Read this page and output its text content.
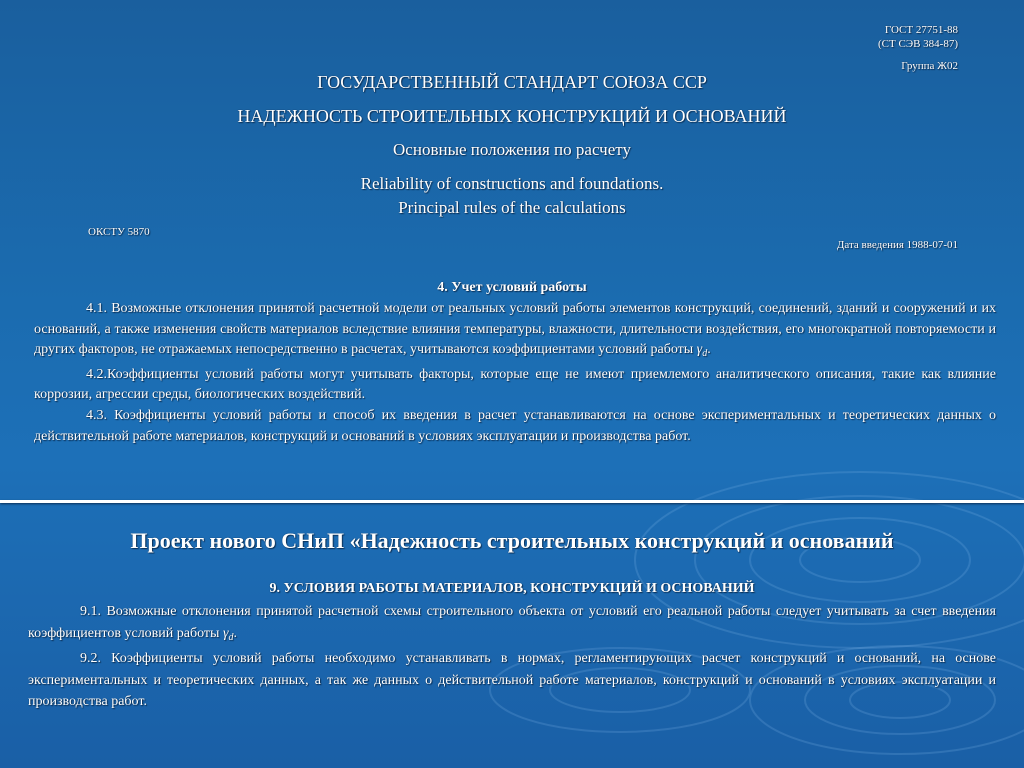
ГОСТ 27751-88
(СТ СЭВ 384-87)
Группа Ж02
ГОСУДАРСТВЕННЫЙ СТАНДАРТ СОЮЗА ССР
НАДЕЖНОСТЬ СТРОИТЕЛЬНЫХ КОНСТРУКЦИЙ И ОСНОВАНИЙ
Основные положения по расчету
Reliability of constructions and foundations.
Principal rules of the calculations
ОКСТУ 5870
Дата введения 1988-07-01
4. Учет условий работы

4.1. Возможные отклонения принятой расчетной модели от реальных условий работы элементов конструкций, соединений, зданий и сооружений и их оснований, а также изменения свойств материалов вследствие влияния температуры, влажности, длительности воздействия, его многократной повторяемости и других факторов, не отражаемых непосредственно в расчетах, учитываются коэффициентами условий работы $\gamma_d$.

4.2.Коэффициенты условий работы могут учитывать факторы, которые еще не имеют приемлемого аналитического описания, такие как влияние коррозии, агрессии среды, биологических воздействий.

4.3. Коэффициенты условий работы и способ их введения в расчет устанавливаются на основе экспериментальных и теоретических данных о действительной работе материалов, конструкций и оснований в условиях эксплуатации и производства работ.

Проект нового СНиП «Надежность строительных конструкций и оснований
9. УСЛОВИЯ РАБОТЫ МАТЕРИАЛОВ, КОНСТРУКЦИЙ И ОСНОВАНИЙ

9.1. Возможные отклонения принятой расчетной схемы строительного объекта от условий его реальной работы следует учитывать за счет введения коэффициентов условий работы $\gamma_d$.

9.2. Коэффициенты условий работы необходимо устанавливать в нормах, регламентирующих расчет конструкций и оснований, на основе экспериментальных и теоретических данных, а так же данных о действительной работе материалов, конструкций и оснований в условиях эксплуатации и производства работ.
